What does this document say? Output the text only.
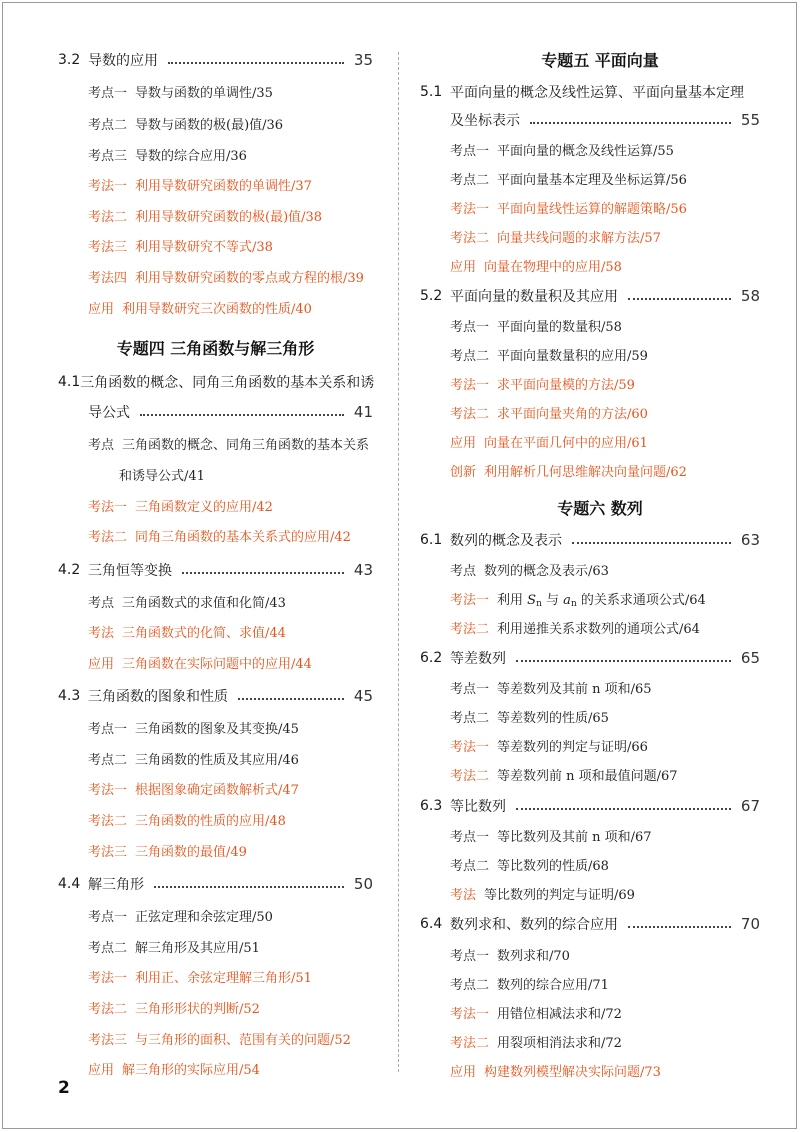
3.2 导数的应用	35
考点一 导数与函数的单调性/35
考点二 导数与函数的极(最)值/36
考点三 导数的综合应用/36
考法一 利用导数研究函数的单调性/37
考法二 利用导数研究函数的极(最)值/38
考法三 利用导数研究不等式/38
考法四 利用导数研究函数的零点或方程的根/39
应用 利用导数研究三次函数的性质/40
专题四 三角函数与解三角形
4.1 三角函数的概念、同角三角函数的基本关系和诱
导公式	41
考点 三角函数的概念、同角三角函数的基本关系
和诱导公式/41
考法一 三角函数定义的应用/42
考法二 同角三角函数的基本关系式的应用/42
4.2 三角恒等变换	43
考点 三角函数式的求值和化简/43
考法 三角函数式的化简、求值/44
应用 三角函数在实际问题中的应用/44
4.3 三角函数的图象和性质	45
考点一 三角函数的图象及其变换/45
考点二 三角函数的性质及其应用/46
考法一 根据图象确定函数解析式/47
考法二 三角函数的性质的应用/48
考法三 三角函数的最值/49
4.4 解三角形	50
考点一 正弦定理和余弦定理/50
考点二 解三角形及其应用/51
考法一 利用正、余弦定理解三角形/51
考法二 三角形形状的判断/52
考法三 与三角形的面积、范围有关的问题/52
应用 解三角形的实际应用/54
专题五 平面向量
5.1 平面向量的概念及线性运算、平面向量基本定理
及坐标表示	55
考点一 平面向量的概念及线性运算/55
考点二 平面向量基本定理及坐标运算/56
考法一 平面向量线性运算的解题策略/56
考法二 向量共线问题的求解方法/57
应用 向量在物理中的应用/58
5.2 平面向量的数量积及其应用	58
考点一 平面向量的数量积/58
考点二 平面向量数量积的应用/59
考法一 求平面向量模的方法/59
考法二 求平面向量夹角的方法/60
应用 向量在平面几何中的应用/61
创新 利用解析几何思维解决向量问题/62
专题六 数列
6.1 数列的概念及表示	63
考点 数列的概念及表示/63
考法一 利用 $S_n$ 与 $a_n$ 的关系求通项公式/64
考法二 利用递推关系求数列的通项公式/64
6.2 等差数列	65
考点一 等差数列及其前 n 项和/65
考点二 等差数列的性质/65
考法一 等差数列的判定与证明/66
考法二 等差数列前 n 项和最值问题/67
6.3 等比数列	67
考点一 等比数列及其前 n 项和/67
考点二 等比数列的性质/68
考法 等比数列的判定与证明/69
6.4 数列求和、数列的综合应用	70
考点一 数列求和/70
考点二 数列的综合应用/71
考法一 用错位相减法求和/72
考法二 用裂项相消法求和/72
应用 构建数列模型解决实际问题/73
2
